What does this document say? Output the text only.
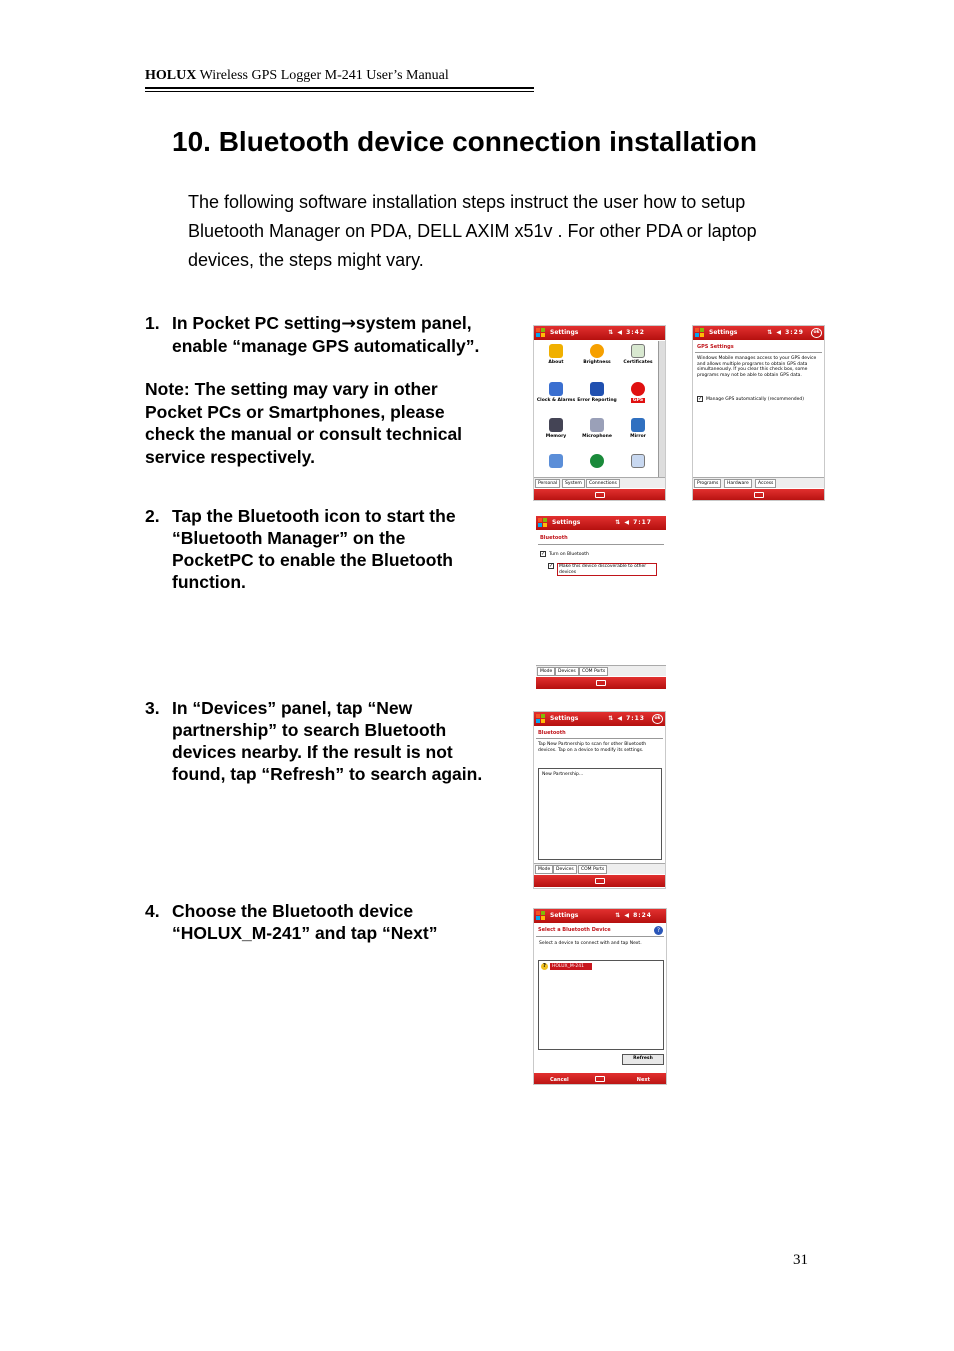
HOLUX Wireless GPS Logger M-241 User’s Manual
10. Bluetooth device connection installation
The following software installation steps instruct the user how to setup
Bluetooth Manager on PDA, DELL AXIM x51v . For other PDA or laptop
devices, the steps might vary.
1. In Pocket PC setting→system panel,
enable “manage GPS automatically”.
Note: The setting may vary in other
Pocket PCs or Smartphones, please
check the manual or consult technical
service respectively.
2. Tap the Bluetooth icon to start the
“Bluetooth Manager” on the
PocketPC to enable the Bluetooth
function.
3. In “Devices” panel, tap “New
partnership” to search Bluetooth
devices nearby. If the result is not
found, tap “Refresh” to search again.
4. Choose the Bluetooth device
“HOLUX_M-241” and tap “Next”
Settings	⇅ ◀ 3:42
About	Brightness	Certificates
Clock & Alarms Error Reporting	GPS
Memory	Microphone	Mirror
Personal	System	Connections
Settings	⇅ ◀ 3:29	ok
GPS Settings
Windows Mobile manages access to your GPS device and allows multiple programs to obtain GPS data simultaneously. If you clear this check box, some programs may not be able to obtain GPS data.
✓ Manage GPS automatically (recommended)
Programs	Hardware	Access
Settings	⇅ ◀ 7:17
Bluetooth
✓ Turn on Bluetooth
✓	Make this device discoverable to other devices
Mode	Devices	COM Ports
Settings	⇅ ◀ 7:13	ok
Bluetooth
Tap New Partnership to scan for other Bluetooth devices. Tap on a device to modify its settings.
New Partnership...
Mode	Devices	COM Ports
Settings	⇅ ◀ 8:24
Select a Bluetooth Device	?
Select a device to connect with and tap Next.
?	HOLUX_M-241
Refresh
Cancel	Next
31
